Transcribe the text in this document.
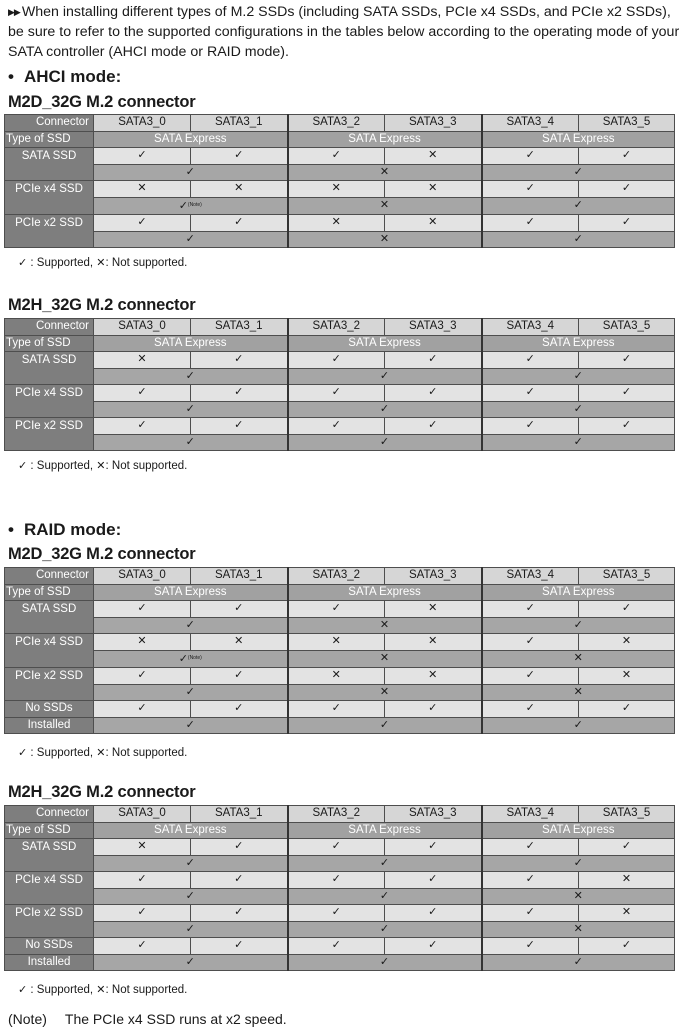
▶▶ When installing different types of M.2 SSDs (including SATA SSDs, PCIe x4 SSDs, and PCIe x2 SSDs), be sure to refer to the supported configurations in the tables below according to the operating mode of your SATA controller (AHCI mode or RAID mode).
• AHCI mode:
M2D_32G M.2 connector
Connector	SATA3_0	SATA3_1	SATA3_2	SATA3_3	SATA3_4	SATA3_5
Type of SSD	SATA Express		SATA Express		SATA Express	
SATA SSD	✓	✓	✓	✕	✓	✓
	✓		✕		✓	
PCIe x4 SSD	✕	✕	✕	✕	✓	✓
	✓$^{(Note)}$		✕		✓	
PCIe x2 SSD	✓	✓	✕	✕	✓	✓
	✓		✕		✓	
✓ : Supported, ✕: Not supported.
M2H_32G M.2 connector
Connector	SATA3_0	SATA3_1	SATA3_2	SATA3_3	SATA3_4	SATA3_5
Type of SSD	SATA Express		SATA Express		SATA Express	
SATA SSD	✕	✓	✓	✓	✓	✓
	✓		✓		✓	
PCIe x4 SSD	✓	✓	✓	✓	✓	✓
	✓		✓		✓	
PCIe x2 SSD	✓	✓	✓	✓	✓	✓
	✓		✓		✓	
✓ : Supported, ✕: Not supported.
• RAID mode:
M2D_32G M.2 connector
Connector	SATA3_0	SATA3_1	SATA3_2	SATA3_3	SATA3_4	SATA3_5
Type of SSD	SATA Express		SATA Express		SATA Express	
SATA SSD	✓	✓	✓	✕	✓	✓
	✓		✕		✓	
PCIe x4 SSD	✕	✕	✕	✕	✓	✕
	✓$^{(Note)}$		✕		✕	
PCIe x2 SSD	✓	✓	✕	✕	✓	✕
	✓		✕		✕	
No SSDs	✓	✓	✓	✓	✓	✓
Installed	✓		✓		✓	
✓ : Supported, ✕: Not supported.
M2H_32G M.2 connector
Connector	SATA3_0	SATA3_1	SATA3_2	SATA3_3	SATA3_4	SATA3_5
Type of SSD	SATA Express		SATA Express		SATA Express	
SATA SSD	✕	✓	✓	✓	✓	✓
	✓		✓		✓	
PCIe x4 SSD	✓	✓	✓	✓	✓	✕
	✓		✓		✕	
PCIe x2 SSD	✓	✓	✓	✓	✓	✕
	✓		✓		✕	
No SSDs	✓	✓	✓	✓	✓	✓
Installed	✓		✓		✓	
✓ : Supported, ✕: Not supported.
(Note) The PCIe x4 SSD runs at x2 speed.
